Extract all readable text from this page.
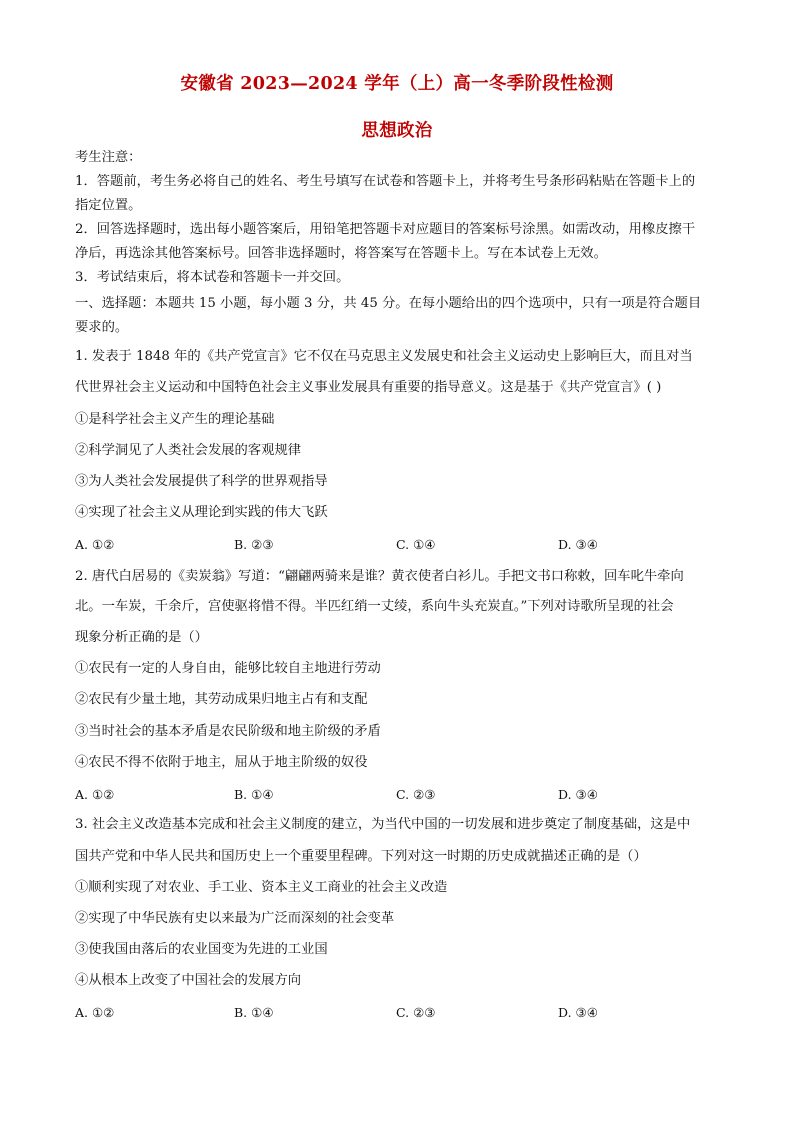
安徽省 2023—2024 学年（上）高一冬季阶段性检测
思想政治
考生注意：
1．答题前，考生务必将自己的姓名、考生号填写在试卷和答题卡上，并将考生号条形码粘贴在答题卡上的
指定位置。
2．回答选择题时，选出每小题答案后，用铅笔把答题卡对应题目的答案标号涂黑。如需改动，用橡皮擦干
净后，再选涂其他答案标号。回答非选择题时，将答案写在答题卡上。写在本试卷上无效。
3．考试结束后，将本试卷和答题卡一并交回。
一、选择题：本题共 15 小题，每小题 3 分，共 45 分。在每小题给出的四个选项中，只有一项是符合题目
要求的。
1. 发表于 1848 年的《共产党宣言》它不仅在马克思主义发展史和社会主义运动史上影响巨大，而且对当
代世界社会主义运动和中国特色社会主义事业发展具有重要的指导意义。这是基于《共产党宣言》( )
①是科学社会主义产生的理论基础
②科学洞见了人类社会发展的客观规律
③为人类社会发展提供了科学的世界观指导
④实现了社会主义从理论到实践的伟大飞跃
A. ①②	B. ②③	C. ①④	D. ③④
2. 唐代白居易的《卖炭翁》写道：“翩翩两骑来是谁？黄衣使者白衫儿。手把文书口称敕，回车叱牛牵向
北。一车炭，千余斤，宫使驱将惜不得。半匹红绡一丈绫，系向牛头充炭直。”下列对诗歌所呈现的社会
现象分析正确的是（）
①农民有一定的人身自由，能够比较自主地进行劳动
②农民有少量土地，其劳动成果归地主占有和支配
③当时社会的基本矛盾是农民阶级和地主阶级的矛盾
④农民不得不依附于地主，屈从于地主阶级的奴役
A. ①②	B. ①④	C. ②③	D. ③④
3. 社会主义改造基本完成和社会主义制度的建立，为当代中国的一切发展和进步奠定了制度基础，这是中
国共产党和中华人民共和国历史上一个重要里程碑。下列对这一时期的历史成就描述正确的是（）
①顺利实现了对农业、手工业、资本主义工商业的社会主义改造
②实现了中华民族有史以来最为广泛而深刻的社会变革
③使我国由落后的农业国变为先进的工业国
④从根本上改变了中国社会的发展方向
A. ①②	B. ①④	C. ②③	D. ③④
